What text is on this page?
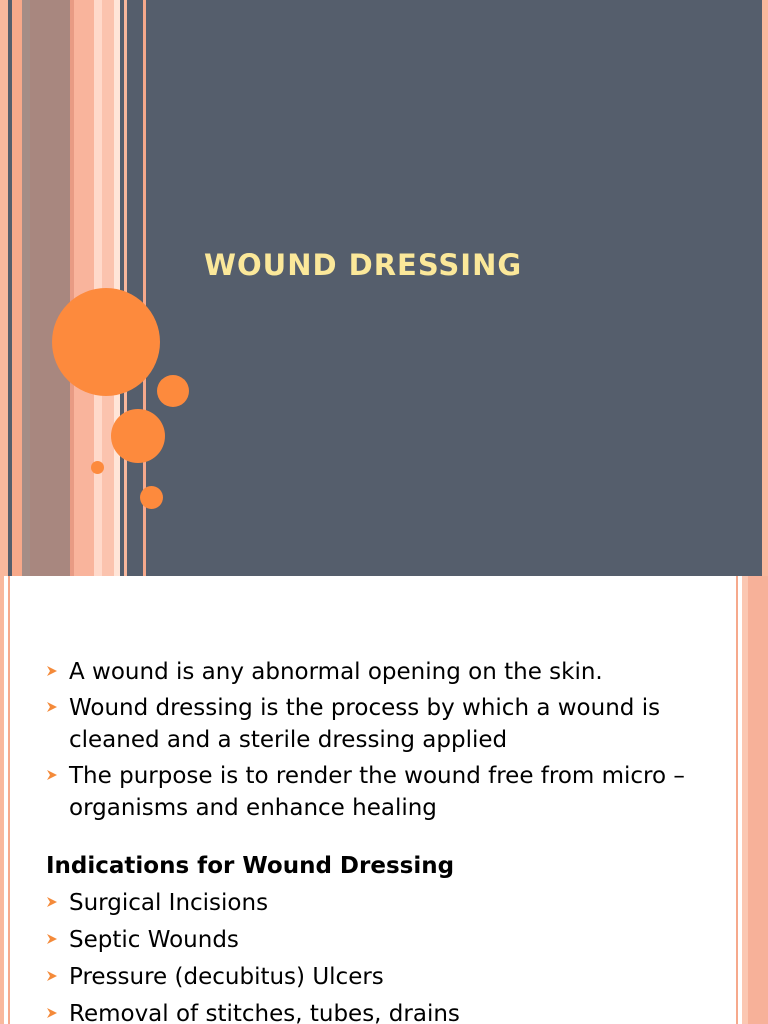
WOUND DRESSING
A wound is any abnormal opening on the skin.
Wound dressing is the process by which a wound is cleaned and a sterile dressing applied
The purpose is to render the wound free from micro – organisms and enhance healing
Indications for Wound Dressing
Surgical Incisions
Septic Wounds
Pressure (decubitus) Ulcers
Removal of stitches, tubes, drains
